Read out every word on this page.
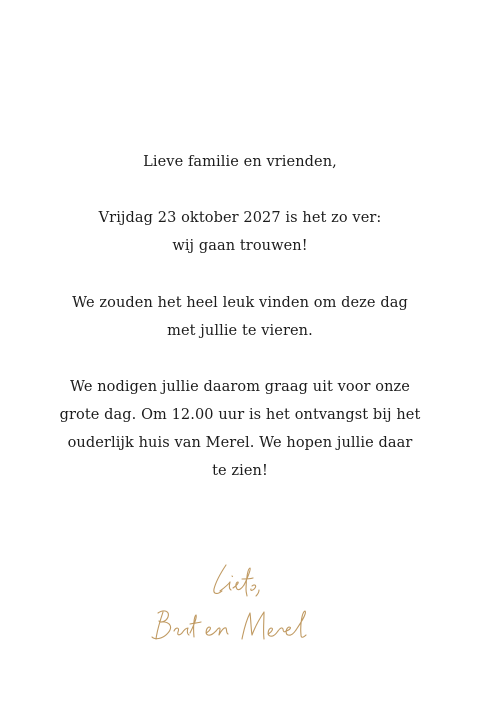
Lieve familie en vrienden,
Vrijdag 23 oktober 2027 is het zo ver:
wij gaan trouwen!
We zouden het heel leuk vinden om deze dag
met jullie te vieren.
We nodigen jullie daarom graag uit voor onze
grote dag. Om 12.00 uur is het ontvangst bij het
ouderlijk huis van Merel. We hopen jullie daar
te zien!
